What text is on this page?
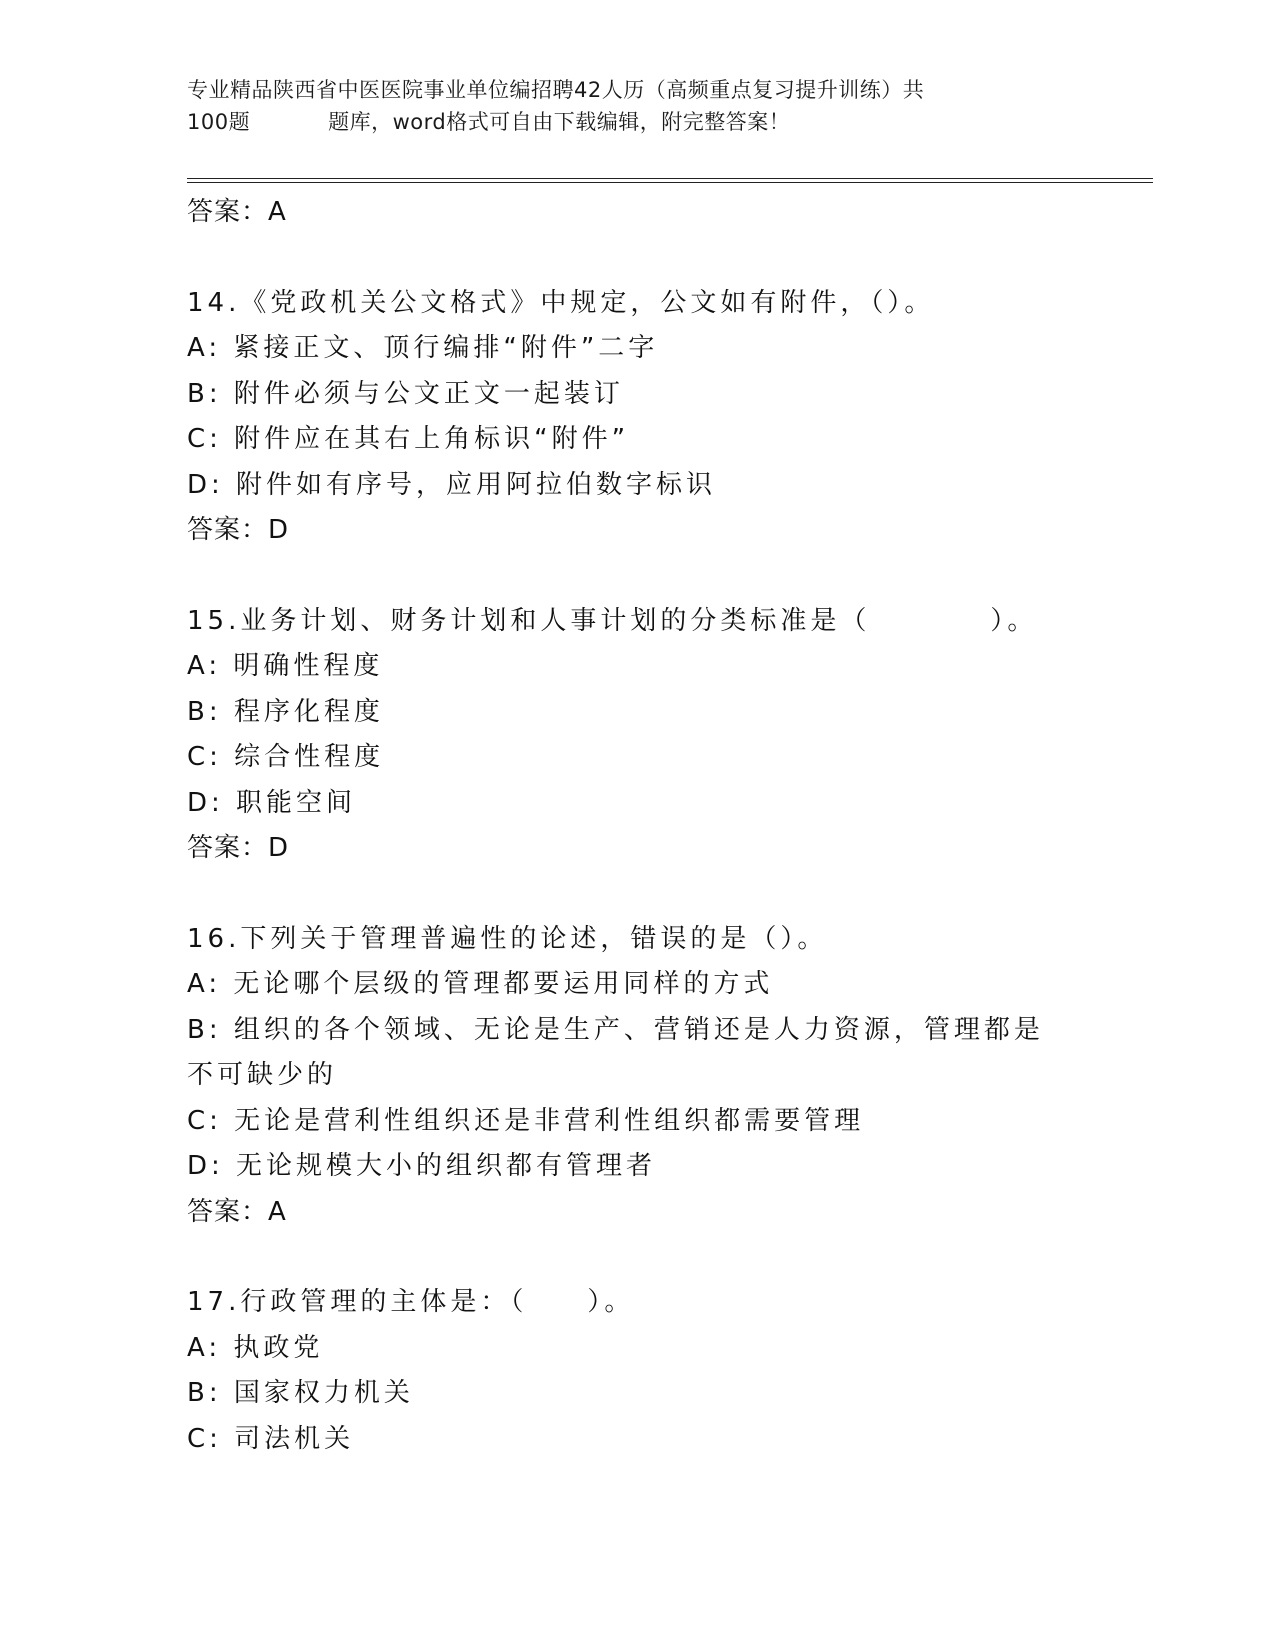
专业精品陕西省中医医院事业单位编招聘42人历（高频重点复习提升训练）共
100题	题库，word格式可自由下载编辑，附完整答案！
答案：A
14.《党政机关公文格式》中规定，公文如有附件，（）。
A: 紧接正文、顶行编排“附件”二字
B: 附件必须与公文正文一起装订
C: 附件应在其右上角标识“附件”
D: 附件如有序号，应用阿拉伯数字标识
答案：D
15.业务计划、财务计划和人事计划的分类标准是（　　　　）。
A: 明确性程度
B: 程序化程度
C: 综合性程度
D: 职能空间
答案：D
16.下列关于管理普遍性的论述，错误的是（）。
A: 无论哪个层级的管理都要运用同样的方式
B: 组织的各个领域、无论是生产、营销还是人力资源，管理都是不可缺少的
C: 无论是营利性组织还是非营利性组织都需要管理
D: 无论规模大小的组织都有管理者
答案：A
17.行政管理的主体是：（　　）。
A: 执政党
B: 国家权力机关
C: 司法机关
